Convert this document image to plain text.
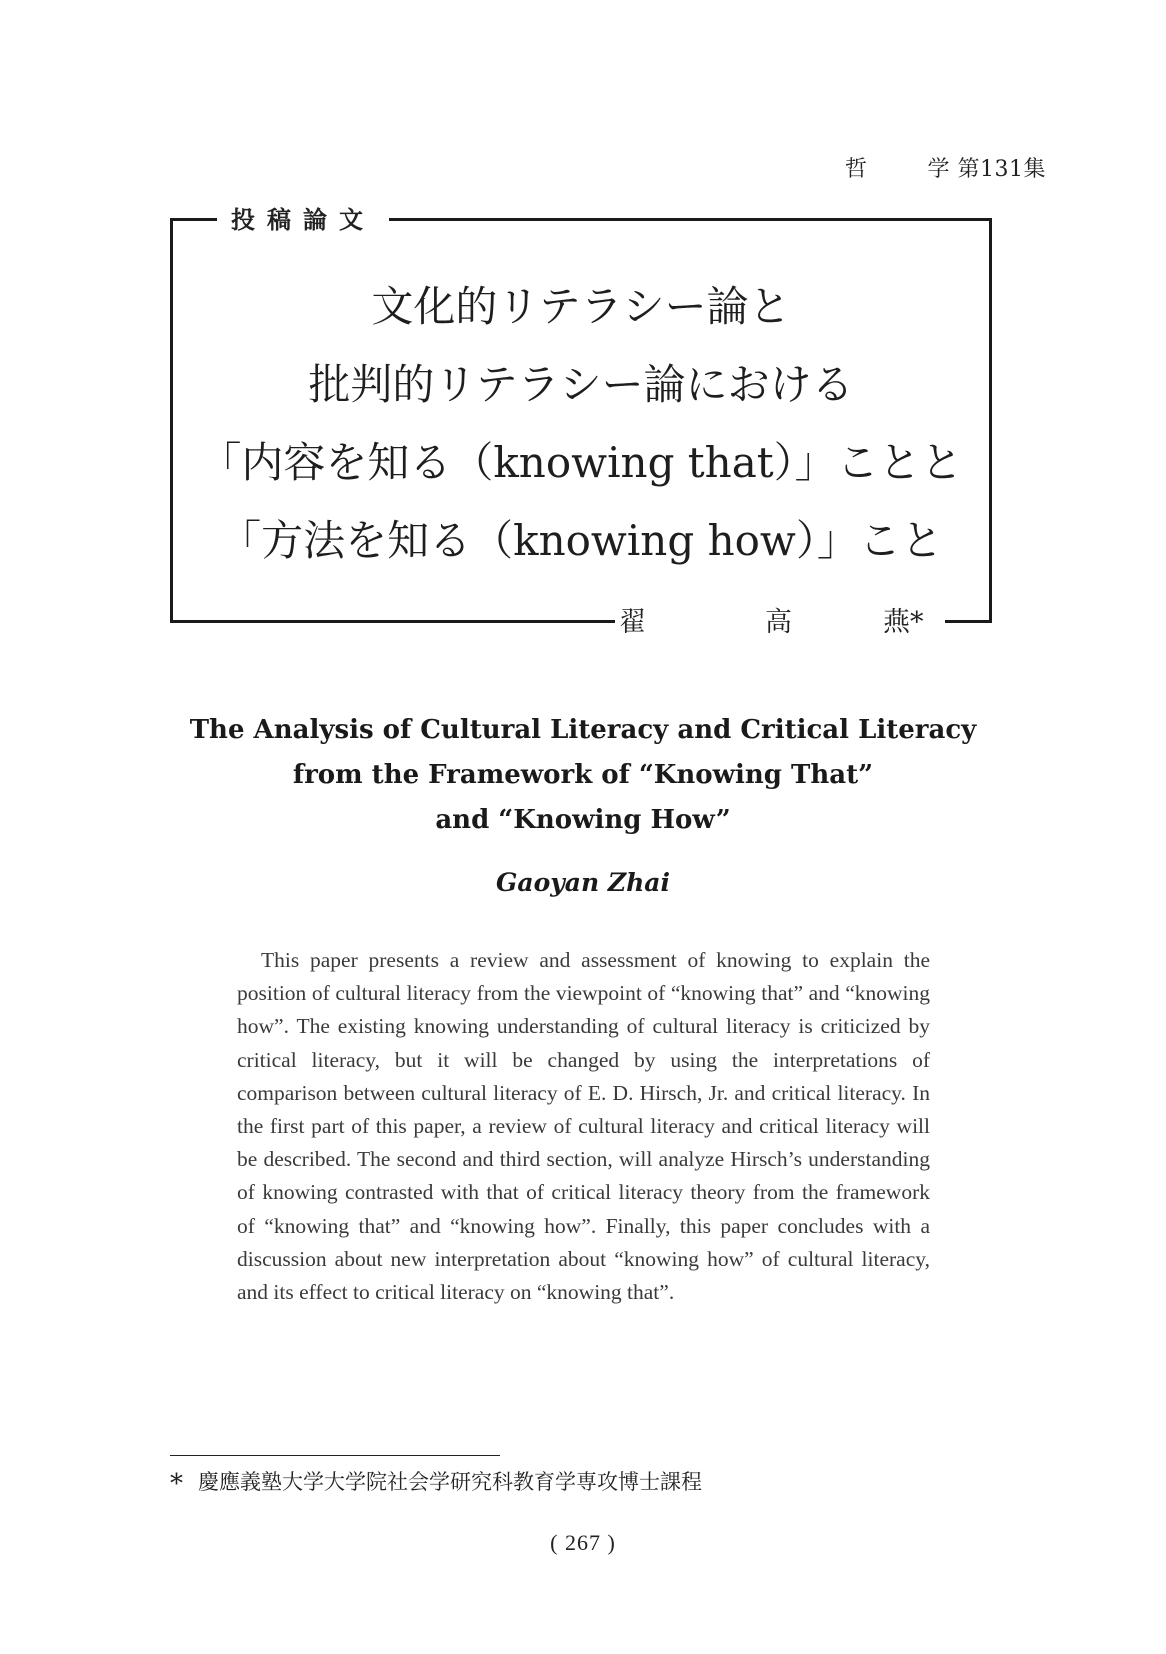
哲	学 第131集
投稿論文
文化的リテラシー論と
批判的リテラシー論における
「内容を知る（knowing that）」ことと
「方法を知る（knowing how）」こと
翟	高	燕*
The Analysis of Cultural Literacy and Critical Literacy
from the Framework of “Knowing That”
and “Knowing How”
Gaoyan Zhai

This paper presents a review and assessment of knowing to explain the position of cultural literacy from the viewpoint of “knowing that” and “knowing how”. The existing knowing understanding of cultural literacy is criticized by critical literacy, but it will be changed by using the interpretations of comparison between cultural literacy of E. D. Hirsch, Jr. and critical literacy. In the first part of this paper, a review of cultural literacy and critical literacy will be described. The second and third section, will analyze Hirsch’s understanding of knowing contrasted with that of critical literacy theory from the framework of “knowing that” and “knowing how”. Finally, this paper concludes with a discussion about new interpretation about “knowing how” of cultural literacy, and its effect to critical literacy on “knowing that”.

* 慶應義塾大学大学院社会学研究科教育学専攻博士課程
( 267 )
